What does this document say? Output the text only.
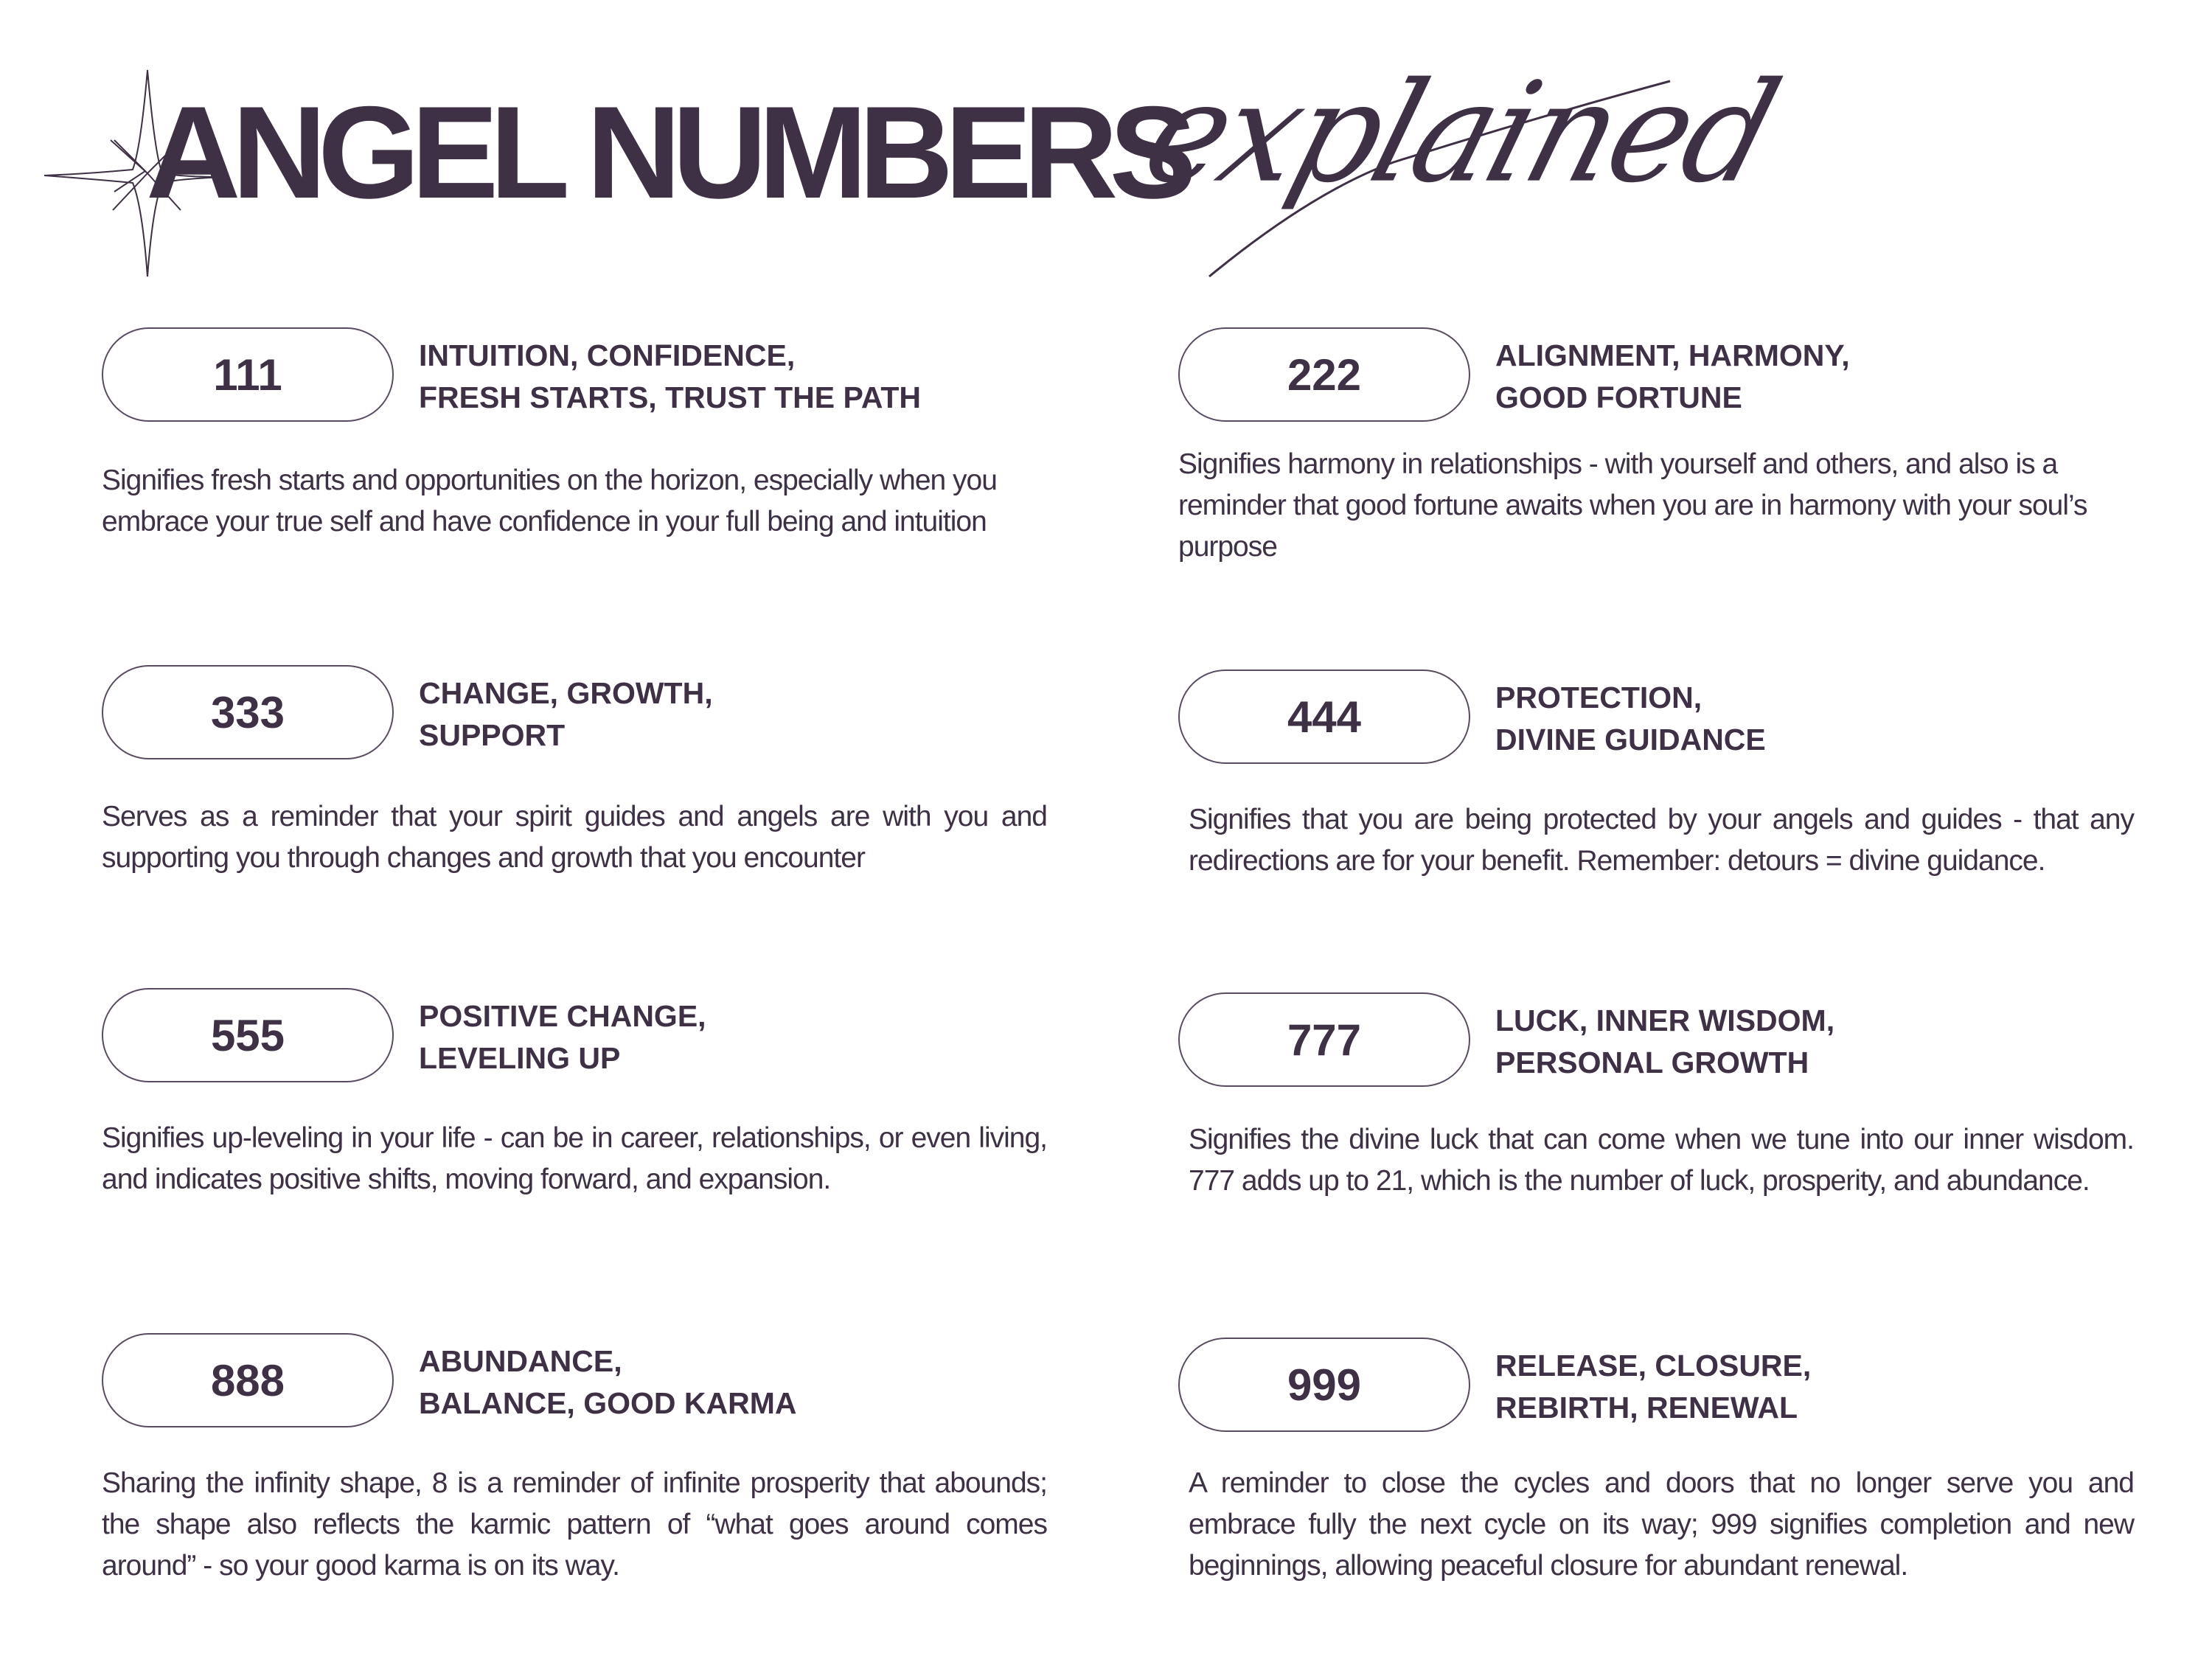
ANGEL NUMBERS
explained
111	INTUITION, CONFIDENCE,
FRESH STARTS, TRUST THE PATH
Signifies fresh starts and opportunities on the horizon, especially when you embrace your true self and have confidence in your full being and intuition
222	ALIGNMENT, HARMONY,
GOOD FORTUNE
Signifies harmony in relationships - with yourself and others, and also is a reminder that good fortune awaits when you are in harmony with your soul’s purpose
333	CHANGE, GROWTH,
SUPPORT
Serves as a reminder that your spirit guides and angels are with you and supporting you through changes and growth that you encounter
444	PROTECTION,
DIVINE GUIDANCE
Signifies that you are being protected by your angels and guides - that any redirections are for your benefit. Remember: detours = divine guidance.
555	POSITIVE CHANGE,
LEVELING UP
Signifies up-leveling in your life - can be in career, relationships, or even living, and indicates positive shifts, moving forward, and expansion.
777	LUCK, INNER WISDOM,
PERSONAL GROWTH
Signifies the divine luck that can come when we tune into our inner wisdom. 777 adds up to 21, which is the number of luck, prosperity, and abundance.
888	ABUNDANCE,
BALANCE, GOOD KARMA
Sharing the infinity shape, 8 is a reminder of infinite prosperity that abounds; the shape also reflects the karmic pattern of “what goes around comes around” - so your good karma is on its way.
999	RELEASE, CLOSURE,
REBIRTH, RENEWAL
A reminder to close the cycles and doors that no longer serve you and embrace fully the next cycle on its way; 999 signifies completion and new beginnings, allowing peaceful closure for abundant renewal.
